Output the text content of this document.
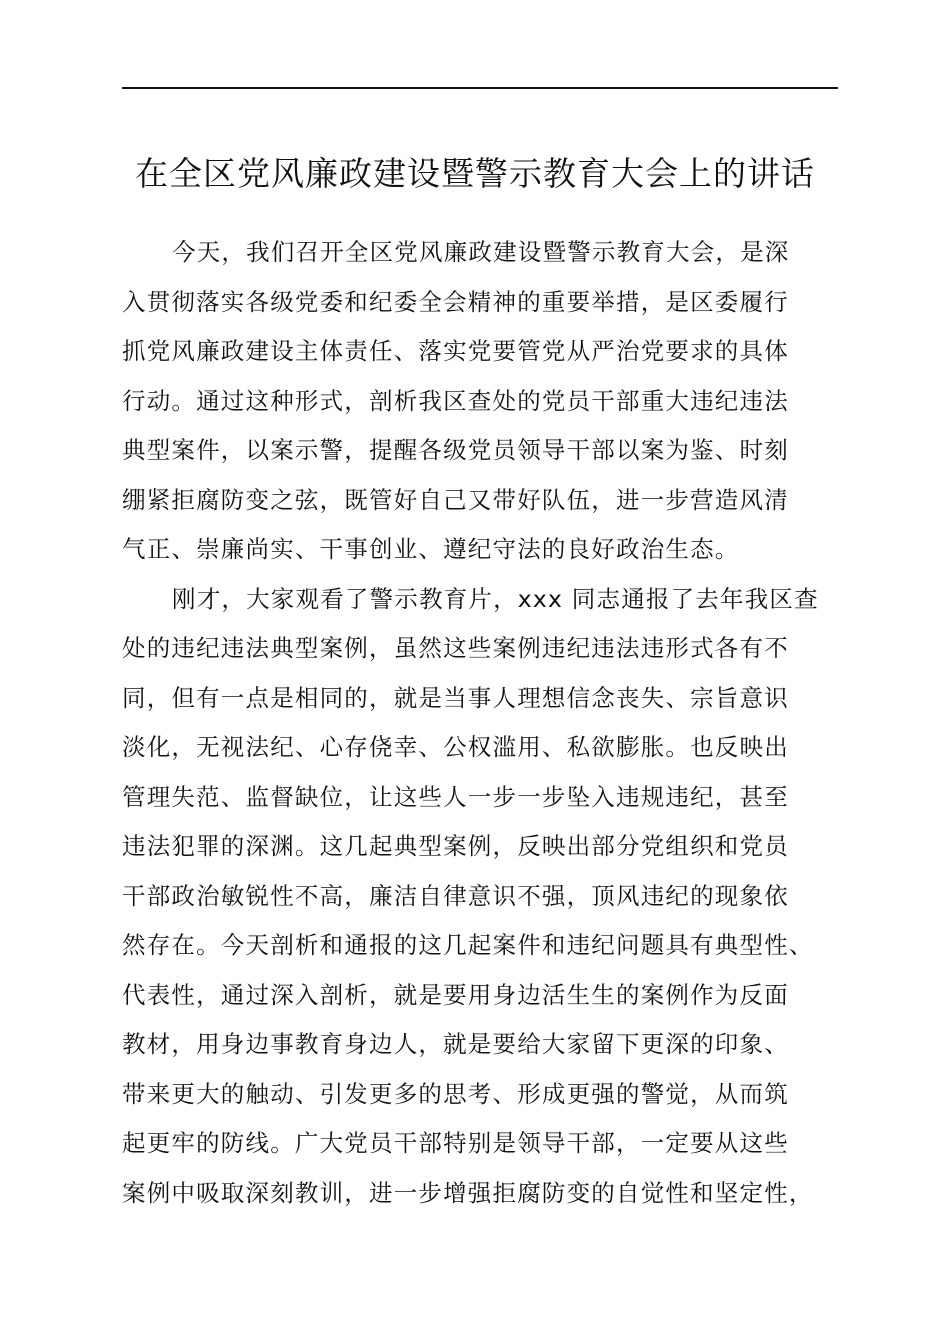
在全区党风廉政建设暨警示教育大会上的讲话
今天，我们召开全区党风廉政建设暨警示教育大会，是深
入贯彻落实各级党委和纪委全会精神的重要举措，是区委履行
抓党风廉政建设主体责任、落实党要管党从严治党要求的具体
行动。通过这种形式，剖析我区查处的党员干部重大违纪违法
典型案件，以案示警，提醒各级党员领导干部以案为鉴、时刻
绷紧拒腐防变之弦，既管好自己又带好队伍，进一步营造风清
气正、崇廉尚实、干事创业、遵纪守法的良好政治生态。
刚才，大家观看了警示教育片，xxx 同志通报了去年我区查
处的违纪违法典型案例，虽然这些案例违纪违法违形式各有不
同，但有一点是相同的，就是当事人理想信念丧失、宗旨意识
淡化，无视法纪、心存侥幸、公权滥用、私欲膨胀。也反映出
管理失范、监督缺位，让这些人一步一步坠入违规违纪，甚至
违法犯罪的深渊。这几起典型案例，反映出部分党组织和党员
干部政治敏锐性不高，廉洁自律意识不强，顶风违纪的现象依
然存在。今天剖析和通报的这几起案件和违纪问题具有典型性、
代表性，通过深入剖析，就是要用身边活生生的案例作为反面
教材，用身边事教育身边人，就是要给大家留下更深的印象、
带来更大的触动、引发更多的思考、形成更强的警觉，从而筑
起更牢的防线。广大党员干部特别是领导干部，一定要从这些
案例中吸取深刻教训，进一步增强拒腐防变的自觉性和坚定性，
